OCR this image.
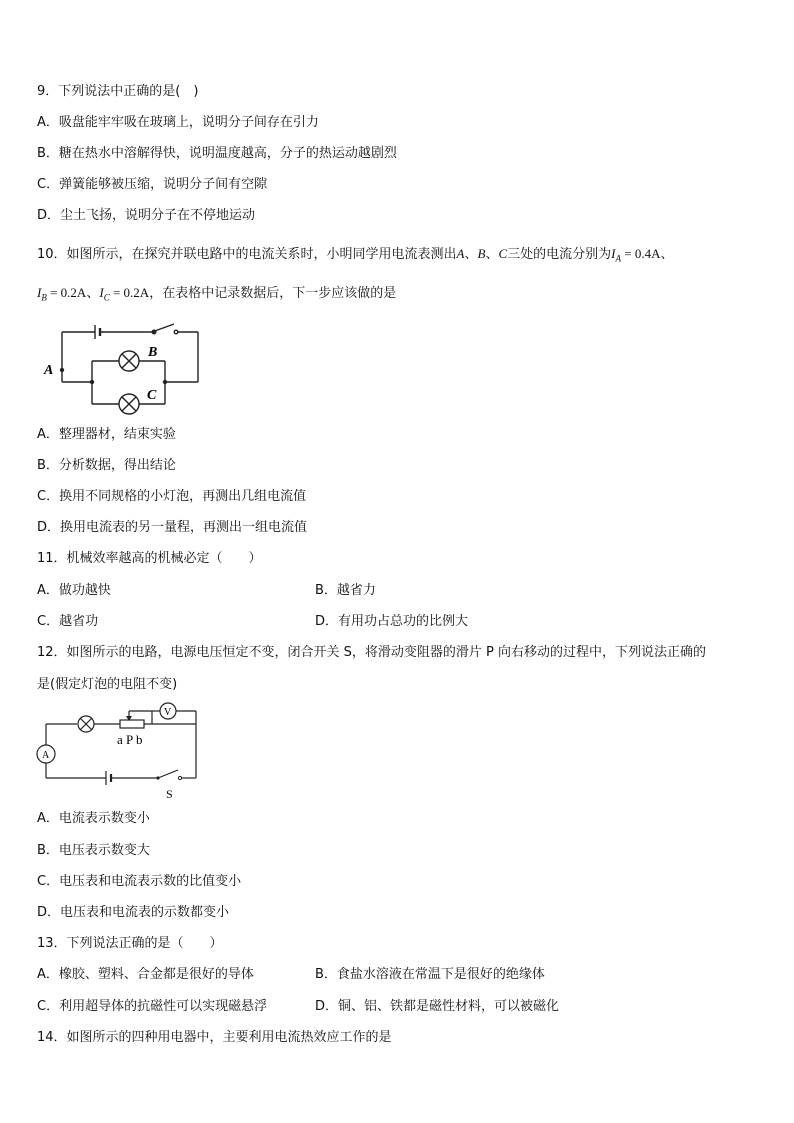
9．下列说法中正确的是(　)
A．吸盘能牢牢吸在玻璃上，说明分子间存在引力
B．糖在热水中溶解得快，说明温度越高，分子的热运动越剧烈
C．弹簧能够被压缩，说明分子间有空隙
D．尘土飞扬，说明分子在不停地运动
10．如图所示，在探究并联电路中的电流关系时，小明同学用电流表测出A、B、C三处的电流分别为$I_A = 0.4A$、
$I_B = 0.2A$、$I_C = 0.2A$，在表格中记录数据后，下一步应该做的是
A
B
C
A．整理器材，结束实验
B．分析数据，得出结论
C．换用不同规格的小灯泡，再测出几组电流值
D．换用电流表的另一量程，再测出一组电流值
11．机械效率越高的机械必定（　　）
A．做功越快	B．越省力
C．越省功	D．有用功占总功的比例大
12．如图所示的电路，电源电压恒定不变，闭合开关 S，将滑动变阻器的滑片 P 向右移动的过程中，下列说法正确的
是(假定灯泡的电阻不变)
V
A
a P b
S
A．电流表示数变小
B．电压表示数变大
C．电压表和电流表示数的比值变小
D．电压表和电流表的示数都变小
13．下列说法正确的是（　　）
A．橡胶、塑料、合金都是很好的导体	B．食盐水溶液在常温下是很好的绝缘体
C．利用超导体的抗磁性可以实现磁悬浮	D．铜、铝、铁都是磁性材料，可以被磁化
14．如图所示的四种用电器中，主要利用电流热效应工作的是
